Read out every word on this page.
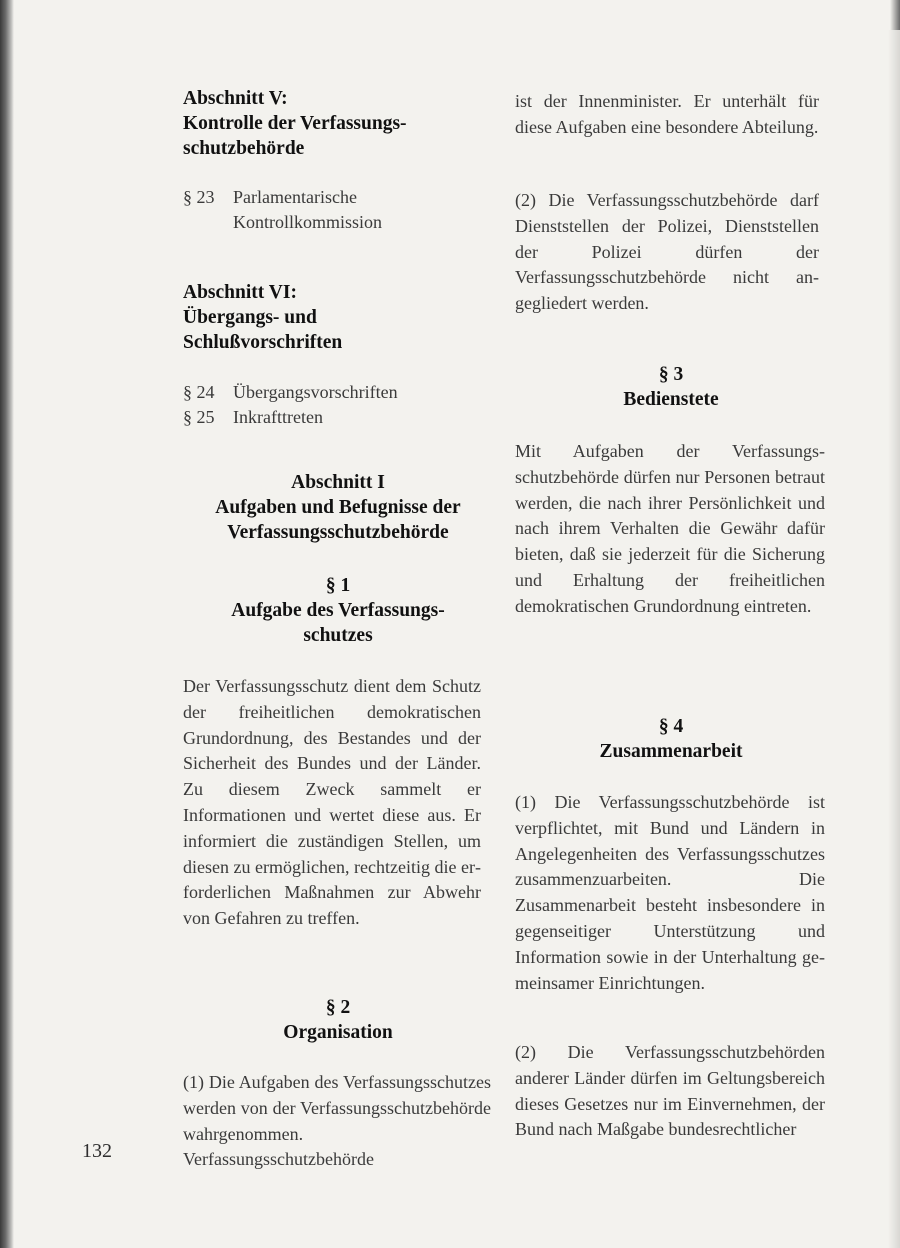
Abschnitt V:
Kontrolle der Verfassungs-
schutzbehörde

§ 23 Parlamentarische Kontrollkommission

Abschnitt VI:
Übergangs- und
Schlußvorschriften

§ 24 Übergangsvorschriften

§ 25 Inkrafttreten

Abschnitt I
Aufgaben und Befugnisse der
Verfassungsschutzbehörde
§ 1
Aufgabe des Verfassungs-
schutzes

Der Verfassungsschutz dient dem Schutz der freiheitlichen demokratischen Grundordnung, des Bestandes und der Sicherheit des Bundes und der Länder. Zu diesem Zweck sammelt er Informationen und wertet diese aus. Er informiert die zuständigen Stellen, um diesen zu ermöglichen, rechtzeitig die erforderlichen Maßnahmen zur Abwehr von Gefahren zu treffen.

§ 2
Organisation

(1) Die Aufgaben des Verfassungsschutzes werden von der Verfassungsschutzbehörde wahrgenommen. Verfassungsschutzbehörde

ist der Innenminister. Er unterhält für diese Aufgaben eine besondere Abteilung.

(2) Die Verfassungsschutzbehörde darf Dienststellen der Polizei, Dienststellen der Polizei dürfen der Verfassungsschutzbehörde nicht angegliedert werden.

§ 3
Bedienstete

Mit Aufgaben der Verfassungsschutzbehörde dürfen nur Personen betraut werden, die nach ihrer Persönlichkeit und nach ihrem Verhalten die Gewähr dafür bieten, daß sie jederzeit für die Sicherung und Erhaltung der freiheitlichen demokratischen Grundordnung eintreten.

§ 4
Zusammenarbeit

(1) Die Verfassungsschutzbehörde ist verpflichtet, mit Bund und Ländern in Angelegenheiten des Verfassungsschutzes zusammenzuarbeiten. Die Zusammenarbeit besteht insbesondere in gegenseitiger Unterstützung und Information sowie in der Unterhaltung gemeinsamer Einrichtungen.

(2) Die Verfassungsschutzbehörden anderer Länder dürfen im Geltungsbereich dieses Gesetzes nur im Einvernehmen, der Bund nach Maßgabe bundesrechtlicher

132
